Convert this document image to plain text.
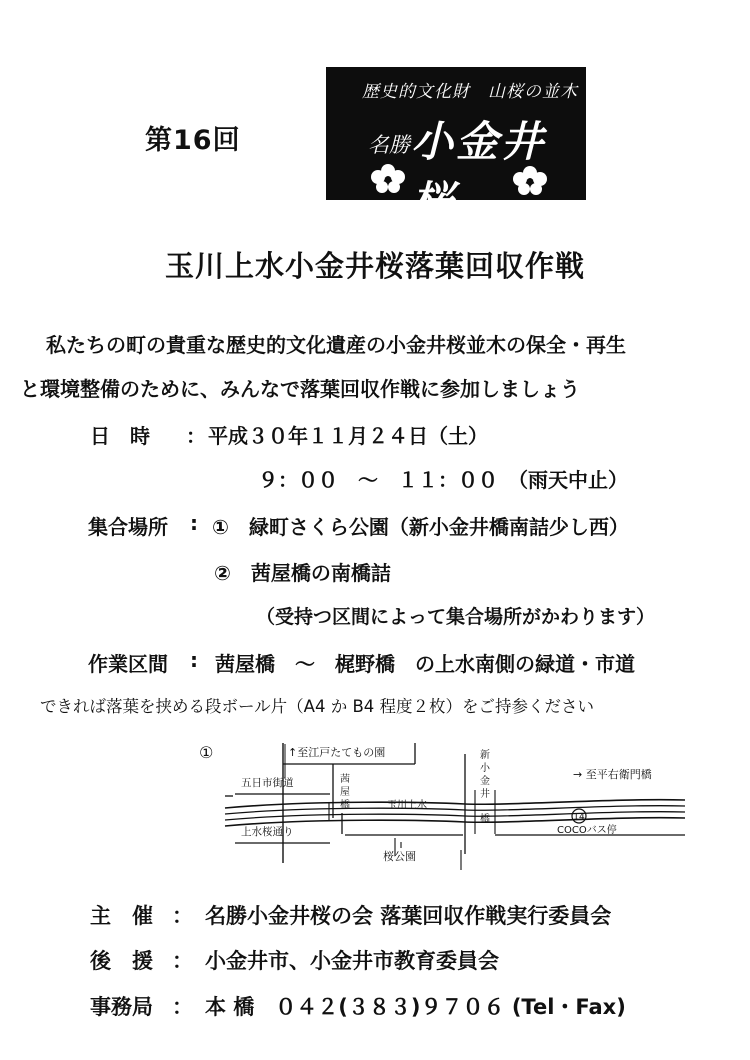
第16回
歴史的文化財　山桜の並木
名勝 小金井桜
玉川上水小金井桜落葉回収作戦
私たちの町の貴重な歴史的文化遺産の小金井桜並木の保全・再生
と環境整備のために、みんなで落葉回収作戦に参加しましょう
日　時 ： 平成３０年１１月２４日（土）
９：００　～　１１：００　（雨天中止）
集合場所 : ①　緑町さくら公園（新小金井橋南詰少し西）
②　茜屋橋の南橋詰
（受持つ区間によって集合場所がかわります）
作業区間 : 茜屋橋　～　梶野橋　の上水南側の緑道・市道
できれば落葉を挟める段ボール片（A4 か B4 程度２枚）をご持参ください
①	↑至江戸たてもの園
五日市街道	茜
屋
橋	玉川上水
新
小
金
井
橋
→ 至平右衛門橋
上水桜通り
14
COCOバス停
桜公園
主　催 ： 名勝小金井桜の会 落葉回収作戦実行委員会
後　援 ： 小金井市、小金井市教育委員会
事務局 ： 本 橋　０４２(３８３)９７０６ (Tel・Fax)
